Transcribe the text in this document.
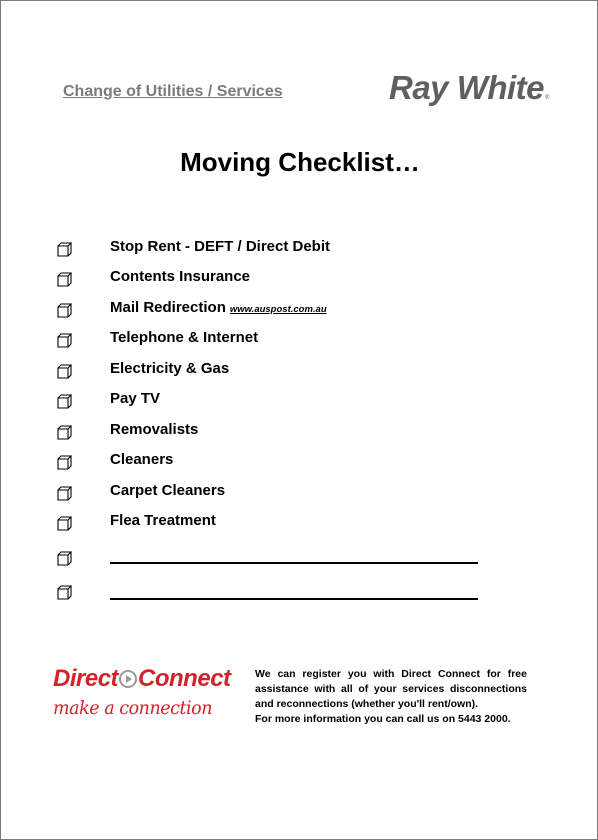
Change of Utilities / Services	Ray White®
Moving Checklist…
Stop Rent - DEFT / Direct Debit
Contents Insurance
Mail Redirection www.auspost.com.au
Telephone & Internet
Electricity & Gas
Pay TV
Removalists
Cleaners
Carpet Cleaners
Flea Treatment
Direct Connect
make a connection

We can register you with Direct Connect for free assistance with all of your services disconnections and reconnections (whether you'll rent/own).

For more information you can call us on 5443 2000.
